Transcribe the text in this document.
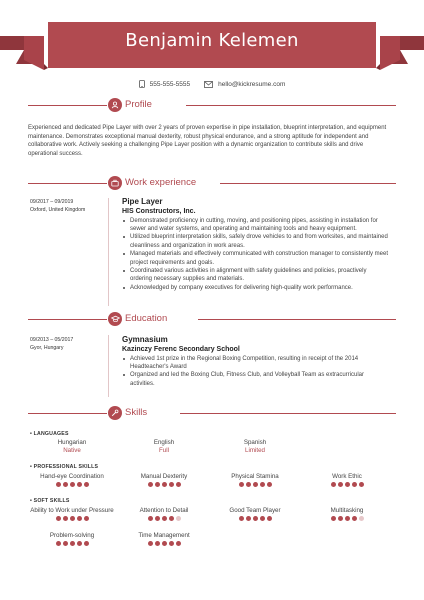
Benjamin Kelemen
555-555-5555	hello@kickresume.com
Profile
Experienced and dedicated Pipe Layer with over 2 years of proven expertise in pipe installation, blueprint interpretation, and equipment maintenance. Demonstrates exceptional manual dexterity, robust physical endurance, and a strong aptitude for independent and collaborative work. Actively seeking a challenging Pipe Layer position with a dynamic organization to contribute skills and drive operational success.
Work experience
09/2017 – 09/2019
Oxford, United Kingdom
Pipe Layer
HIS Constructors, Inc.
Demonstrated proficiency in cutting, moving, and positioning pipes, assisting in installation for sewer and water systems, and operating and maintaining tools and heavy equipment.
Utilized blueprint interpretation skills, safely drove vehicles to and from worksites, and maintained cleanliness and organization in work areas.
Managed materials and effectively communicated with construction manager to consistently meet project requirements and goals.
Coordinated various activities in alignment with safety guidelines and policies, proactively ordering necessary supplies and materials.
Acknowledged by company executives for delivering high-quality work performance.
Education
09/2013 – 05/2017
Gyor, Hungary
Gymnasium
Kazinczy Ferenc Secondary School
Achieved 1st prize in the Regional Boxing Competition, resulting in receipt of the 2014 Headteacher's Award
Organized and led the Boxing Club, Fitness Club, and Volleyball Team as extracurricular activities.
Skills
• LANGUAGES
Hungarian
Native
English
Full
Spanish
Limited
• PROFESSIONAL SKILLS
Hand-eye Coordination	Manual Dexterity	Physical Stamina	Work Ethic
• SOFT SKILLS
Ability to Work under Pressure	Attention to Detail	Good Team Player	Multitasking
Problem-solving	Time Management
